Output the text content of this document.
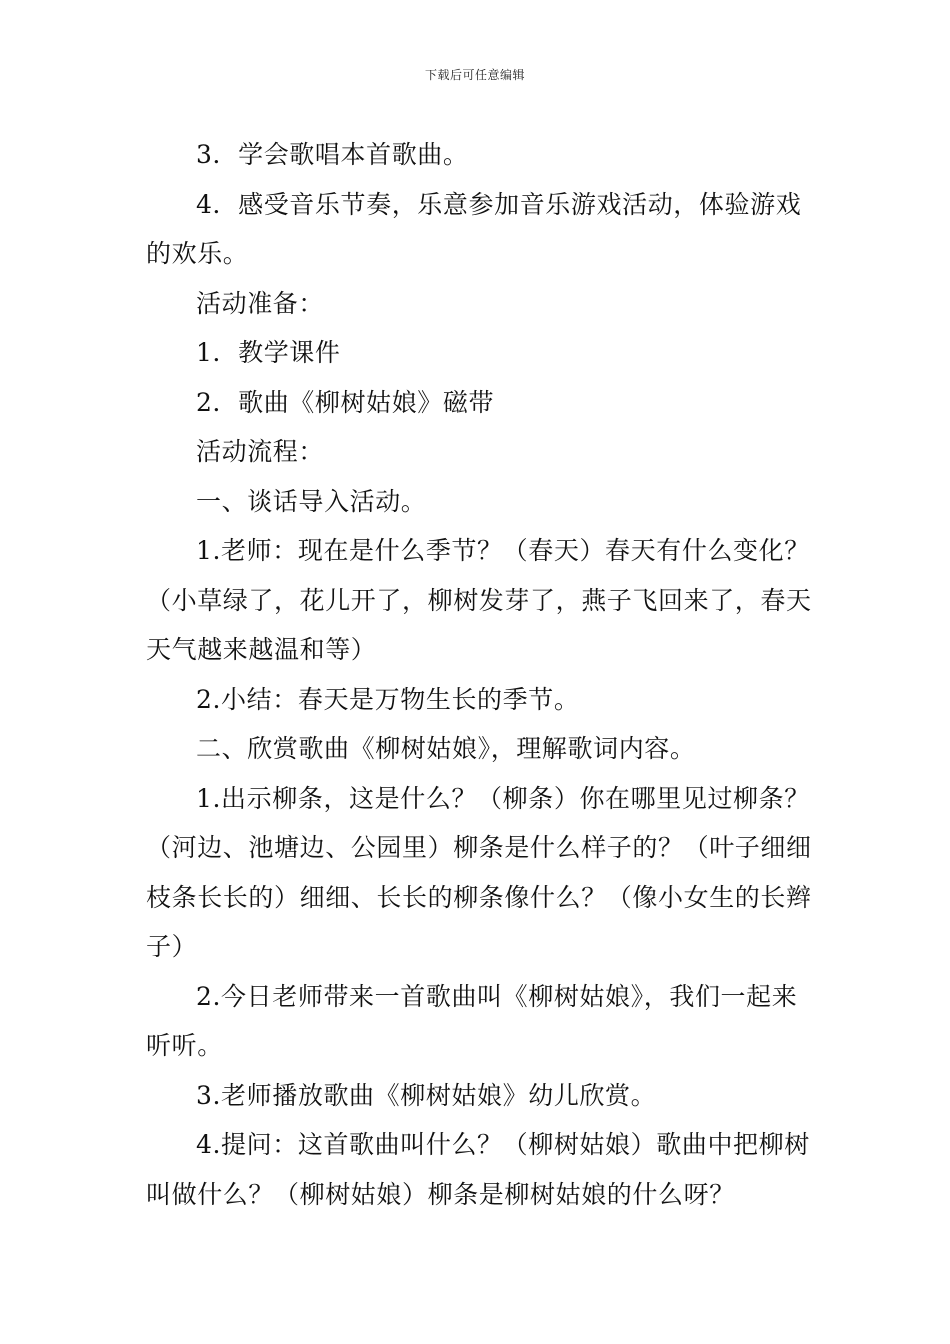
下载后可任意编辑

3．学会歌唱本首歌曲。

4．感受音乐节奏，乐意参加音乐游戏活动，体验游戏的欢乐。

活动准备：

1．教学课件

2．歌曲《柳树姑娘》磁带

活动流程：

一、谈话导入活动。

1.老师：现在是什么季节？（春天）春天有什么变化？（小草绿了，花儿开了，柳树发芽了，燕子飞回来了，春天天气越来越温和等）

2.小结：春天是万物生长的季节。

二、欣赏歌曲《柳树姑娘》，理解歌词内容。

1.出示柳条，这是什么？（柳条）你在哪里见过柳条？（河边、池塘边、公园里）柳条是什么样子的？（叶子细细枝条长长的）细细、长长的柳条像什么？（像小女生的长辫子）

2.今日老师带来一首歌曲叫《柳树姑娘》，我们一起来听听。

3.老师播放歌曲《柳树姑娘》幼儿欣赏。

4.提问：这首歌曲叫什么？（柳树姑娘）歌曲中把柳树叫做什么？（柳树姑娘）柳条是柳树姑娘的什么呀？
